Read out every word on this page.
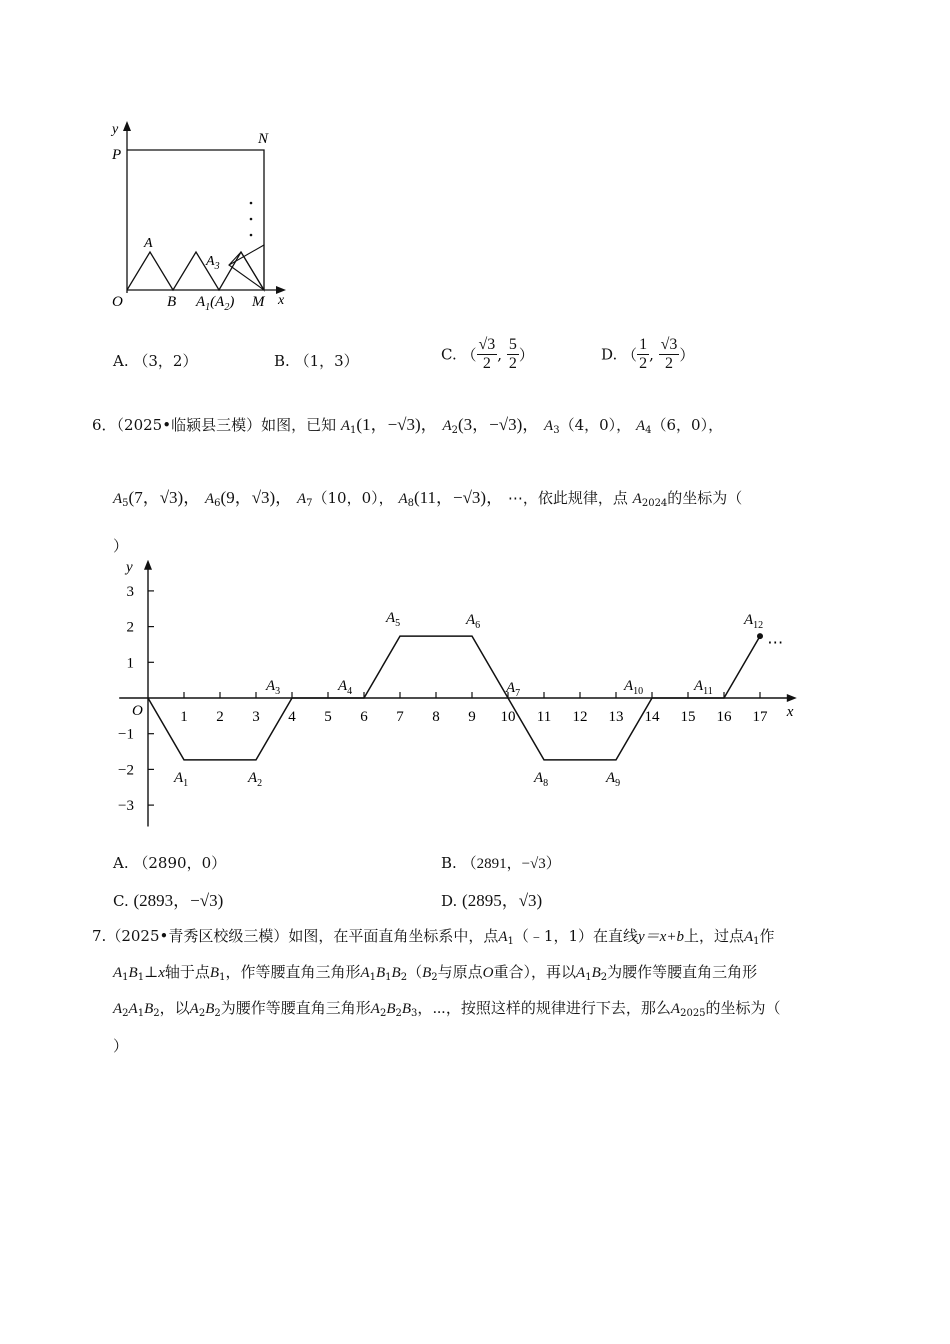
y
P
N
A
$A_3$
O	B $A_1(A_2)$ M x
A. （3，2）	B. （1，3）	C. （ $\frac{√3}{2}$ , $\frac{5}{2}$ ）	D. （ $\frac{1}{2}$ , $\frac{√3}{2}$ ）
6．（2025•临颍县三模）如图，已知 $A_1(1$，−√3)， $A_2(3$，−√3)， $A_3(4$，0）， $A_4(6$，0），
$A_5(7$，√3)， $A_6(9$，√3)， $A_7(10$，0）， $A_8(11$，−√3)， ⋯，依此规律，点 $A_{2024}$的坐标为（
）
x
y
O 1 2 3 4 5 6 7 8 9 10 11 12 13 14 15 16 17
3
2
1
−1
−2
−3
$A_1$	$A_2$
$A_3$	$A_4$
$A_5$	$A_6$
$A_7$
$A_8$	$A_9$
$A_{10}$	$A_{11}$
$A_{12}$
⋯
A. （2890，0）	B. （2891，−√3）
C. (2893，−√3)	D. (2895，√3)
7.（2025•青秀区校级三模）如图，在平面直角坐标系中，点$A_1(﹣1$，1）在直线y＝x+b上，过点$A_1$作
$A_1B_1\perp x$轴于点$B_1$，作等腰直角三角形$A_1B_1B_2(B_2$与原点O重合），再以$A_1B_2$为腰作等腰直角三角形
$A_2A_1B_2$，以$A_2B_2$为腰作等腰直角三角形$A_2B_2B_3$，⋯，按照这样的规律进行下去，那么$A_{2025}$的坐标为（
）
